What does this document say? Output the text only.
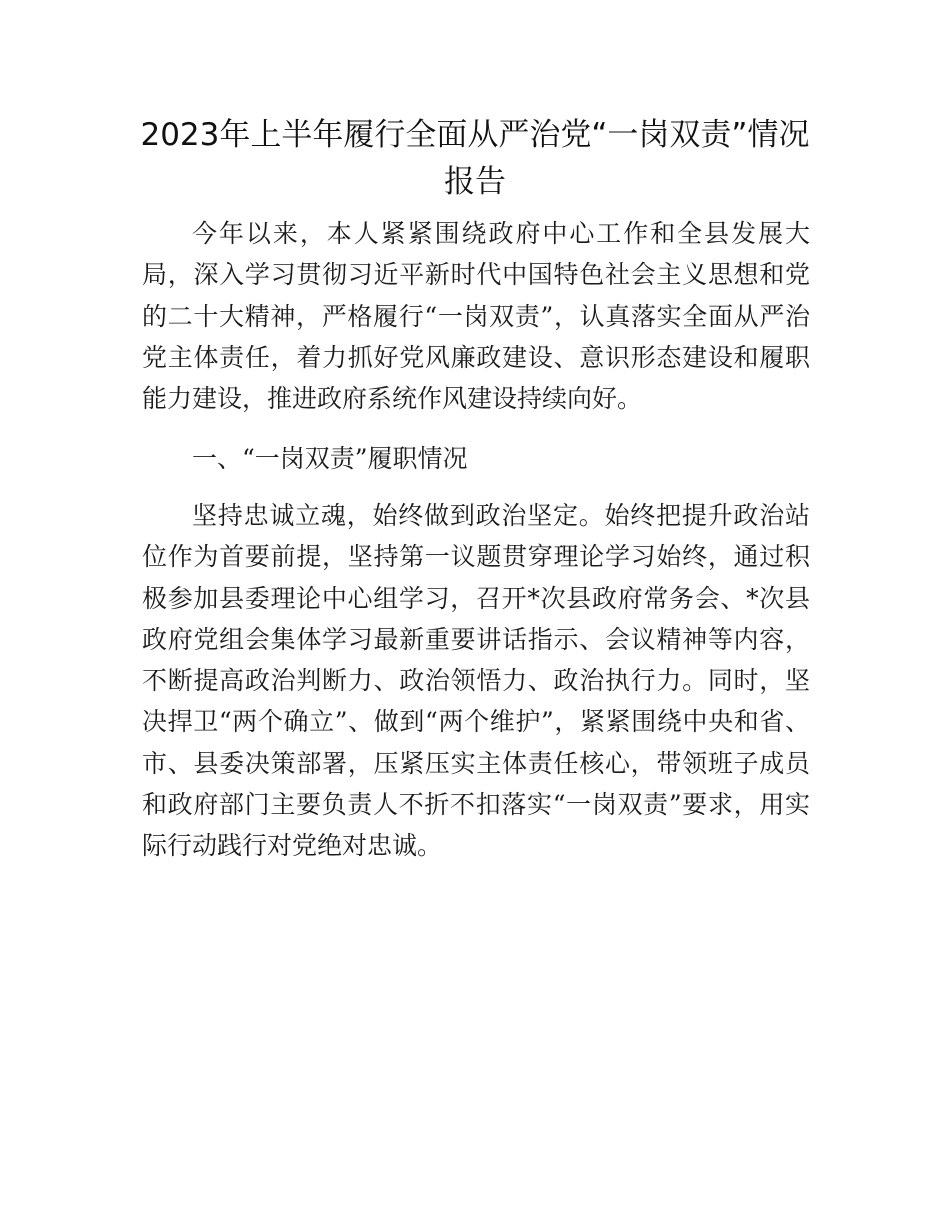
2023年上半年履行全面从严治党“一岗双责”情况报告

今年以来，本人紧紧围绕政府中心工作和全县发展大局，深入学习贯彻习近平新时代中国特色社会主义思想和党的二十大精神，严格履行“一岗双责”，认真落实全面从严治党主体责任，着力抓好党风廉政建设、意识形态建设和履职能力建设，推进政府系统作风建设持续向好。

一、“一岗双责”履职情况

坚持忠诚立魂，始终做到政治坚定。始终把提升政治站位作为首要前提，坚持第一议题贯穿理论学习始终，通过积极参加县委理论中心组学习，召开*次县政府常务会、*次县政府党组会集体学习最新重要讲话指示、会议精神等内容，不断提高政治判断力、政治领悟力、政治执行力。同时，坚决捍卫“两个确立”、做到“两个维护”，紧紧围绕中央和省、市、县委决策部署，压紧压实主体责任核心，带领班子成员和政府部门主要负责人不折不扣落实“一岗双责”要求，用实际行动践行对党绝对忠诚。
